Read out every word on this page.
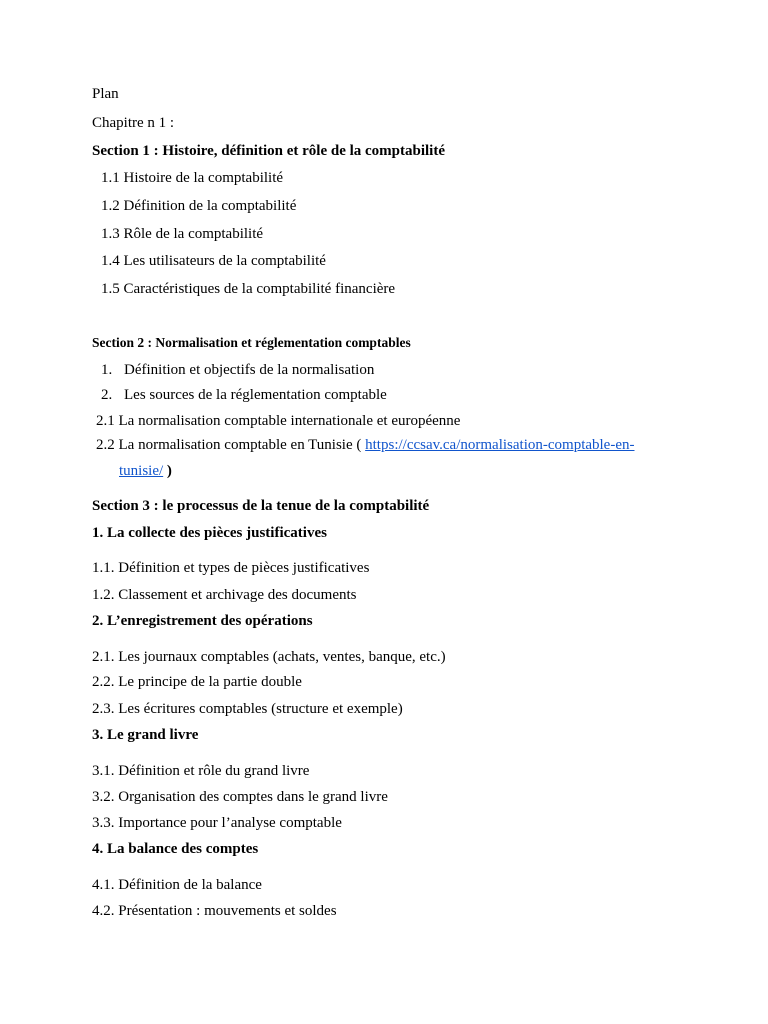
Plan
Chapitre n 1 :
Section 1 : Histoire, définition et rôle de la comptabilité
1.1 Histoire de la comptabilité
1.2 Définition de la comptabilité
1.3 Rôle de la comptabilité
1.4 Les utilisateurs de la comptabilité
1.5 Caractéristiques de la comptabilité financière
Section 2 : Normalisation et réglementation comptables
1. Définition et objectifs de la normalisation
2. Les sources de la réglementation comptable
2.1 La normalisation comptable internationale et européenne
2.2 La normalisation comptable en Tunisie ( https://ccsav.ca/normalisation-comptable-en-
tunisie/ )
Section 3 : le processus de la tenue de la comptabilité
1. La collecte des pièces justificatives
1.1. Définition et types de pièces justificatives
1.2. Classement et archivage des documents
2. L’enregistrement des opérations
2.1. Les journaux comptables (achats, ventes, banque, etc.)
2.2. Le principe de la partie double
2.3. Les écritures comptables (structure et exemple)
3. Le grand livre
3.1. Définition et rôle du grand livre
3.2. Organisation des comptes dans le grand livre
3.3. Importance pour l’analyse comptable
4. La balance des comptes
4.1. Définition de la balance
4.2. Présentation : mouvements et soldes
